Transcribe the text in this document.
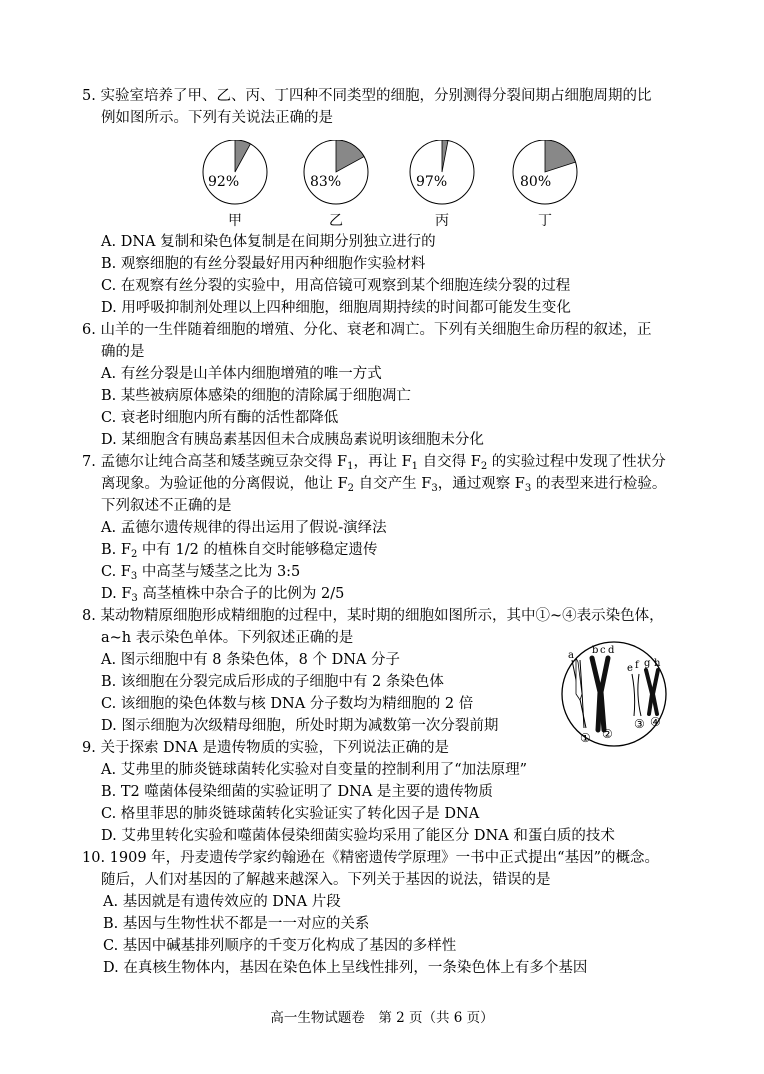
5. 实验室培养了甲、乙、丙、丁四种不同类型的细胞，分别测得分裂间期占细胞周期的比
例如图所示。下列有关说法正确的是
92%	83%	97%	80%
甲	乙	丙	丁
A. DNA 复制和染色体复制是在间期分别独立进行的
B. 观察细胞的有丝分裂最好用丙种细胞作实验材料
C. 在观察有丝分裂的实验中，用高倍镜可观察到某个细胞连续分裂的过程
D. 用呼吸抑制剂处理以上四种细胞，细胞周期持续的时间都可能发生变化
6. 山羊的一生伴随着细胞的增殖、分化、衰老和凋亡。下列有关细胞生命历程的叙述，正
确的是
A. 有丝分裂是山羊体内细胞增殖的唯一方式
B. 某些被病原体感染的细胞的清除属于细胞凋亡
C. 衰老时细胞内所有酶的活性都降低
D. 某细胞含有胰岛素基因但未合成胰岛素说明该细胞未分化
7. 孟德尔让纯合高茎和矮茎豌豆杂交得 $F_1$，再让 $F_1$ 自交得 $F_2$ 的实验过程中发现了性状分
离现象。为验证他的分离假说，他让 $F_2$ 自交产生 $F_3$，通过观察 $F_3$ 的表型来进行检验。
下列叙述不正确的是
A. 孟德尔遗传规律的得出运用了假说-演绎法
B. $F_2$ 中有 1/2 的植株自交时能够稳定遗传
C. $F_3$ 中高茎与矮茎之比为 3:5
D. $F_3$ 高茎植株中杂合子的比例为 2/5
8. 某动物精原细胞形成精细胞的过程中，某时期的细胞如图所示，其中①~④表示染色体，
a~h 表示染色单体。下列叙述正确的是
A. 图示细胞中有 8 条染色体，8 个 DNA 分子
B. 该细胞在分裂完成后形成的子细胞中有 2 条染色体
C. 该细胞的染色体数与核 DNA 分子数均为精细胞的 2 倍
D. 图示细胞为次级精母细胞，所处时期为减数第一次分裂前期
a b c d
e f g h
① ②
③ ④
9. 关于探索 DNA 是遗传物质的实验，下列说法正确的是
A. 艾弗里的肺炎链球菌转化实验对自变量的控制利用了“加法原理”
B. T2 噬菌体侵染细菌的实验证明了 DNA 是主要的遗传物质
C. 格里菲思的肺炎链球菌转化实验证实了转化因子是 DNA
D. 艾弗里转化实验和噬菌体侵染细菌实验均采用了能区分 DNA 和蛋白质的技术
10. 1909 年，丹麦遗传学家约翰逊在《精密遗传学原理》一书中正式提出“基因”的概念。
随后，人们对基因的了解越来越深入。下列关于基因的说法，错误的是
A. 基因就是有遗传效应的 DNA 片段
B. 基因与生物性状不都是一一对应的关系
C. 基因中碱基排列顺序的千变万化构成了基因的多样性
D. 在真核生物体内，基因在染色体上呈线性排列，一条染色体上有多个基因
高一生物试题卷　第 2 页（共 6 页）
